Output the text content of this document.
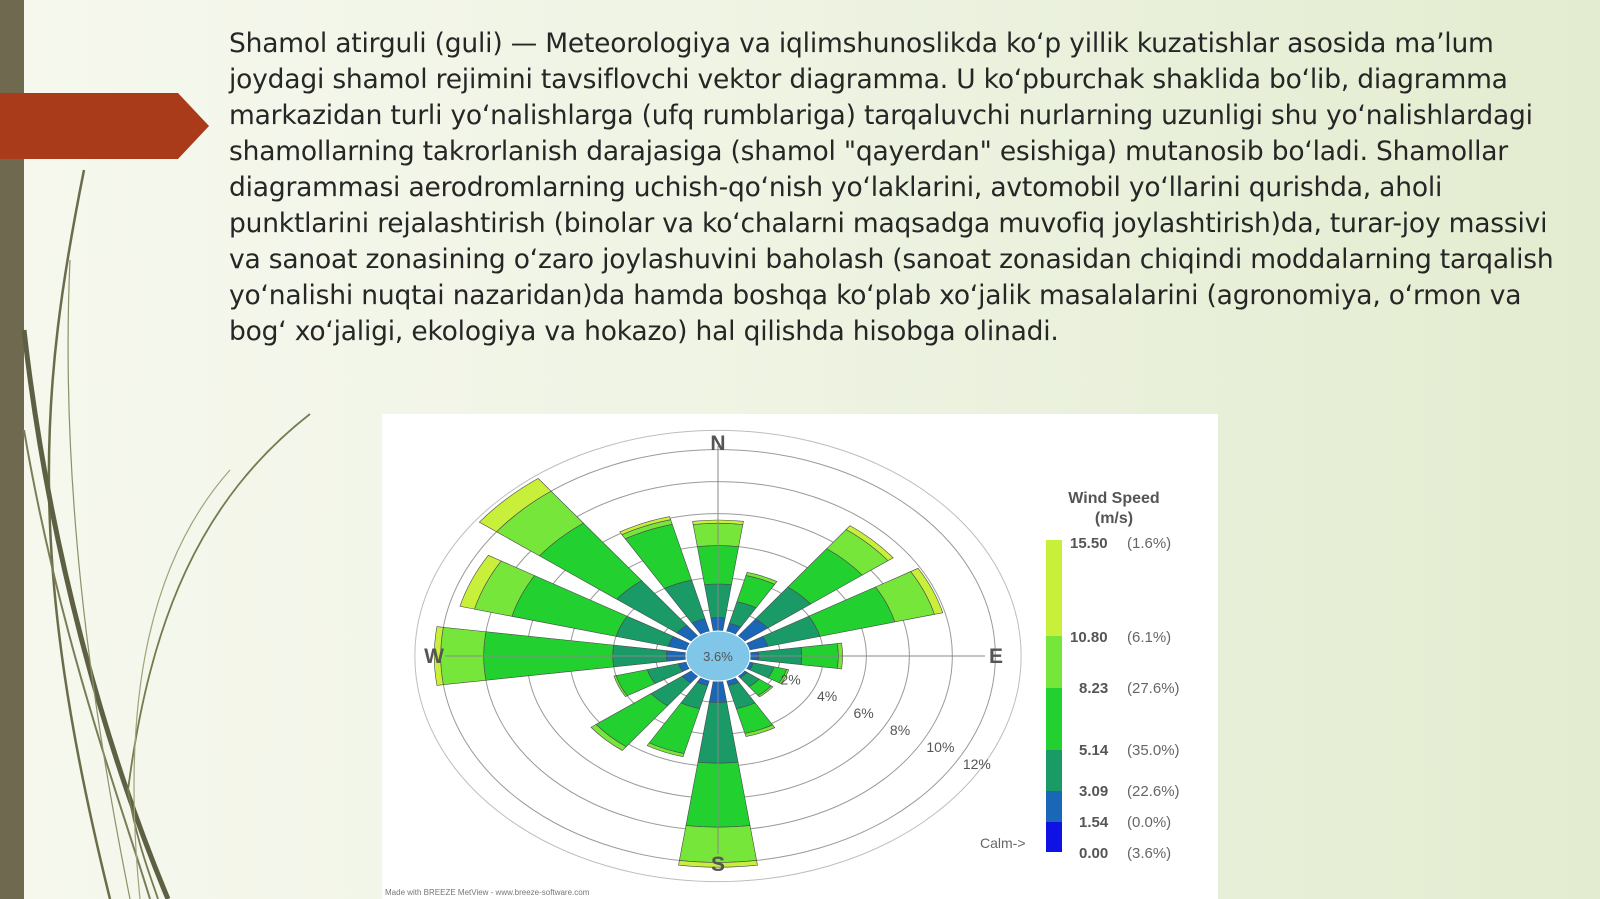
Shamol atirguli (guli) — Meteorologiya va iqlimshunoslikda ko‘p yillik kuzatishlar asosida ma’lum joydagi shamol rejimini tavsiflovchi vektor diagramma. U ko‘pburchak shaklida bo‘lib, diagramma markazidan turli yo‘nalishlarga (ufq rumblariga) tarqaluvchi nurlarning uzunligi shu yo‘nalishlardagi shamollarning takrorlanish darajasiga (shamol "qayerdan" esishiga) mutanosib bo‘ladi. Shamollar diagrammasi aerodromlarning uchish-qo‘nish yo‘laklarini, avtomobil yo‘llarini qurishda, aholi punktlarini rejalashtirish (binolar va ko‘chalarni maqsadga muvofiq joylashtirish)da, turar-joy massivi va sanoat zonasining o‘zaro joylashuvini baholash (sanoat zonasidan chiqindi moddalarning tarqalish yo‘nalishi nuqtai nazaridan)da hamda boshqa ko‘plab xo‘jalik masalalarini (agronomiya, o‘rmon va bog‘ xo‘jaligi, ekologiya va hokazo) hal qilishda hisobga olinadi.

3.6%
2%
4%
6%
8%
10%
12%
N
S
E
W
Wind Speed
(m/s)
15.50 (1.6%)
10.80 (6.1%)
8.23 (27.6%)
5.14 (35.0%)
3.09 (22.6%)
1.54 (0.0%)
0.00 (3.6%)
Calm->
Made with BREEZE MetView - www.breeze-software.com
